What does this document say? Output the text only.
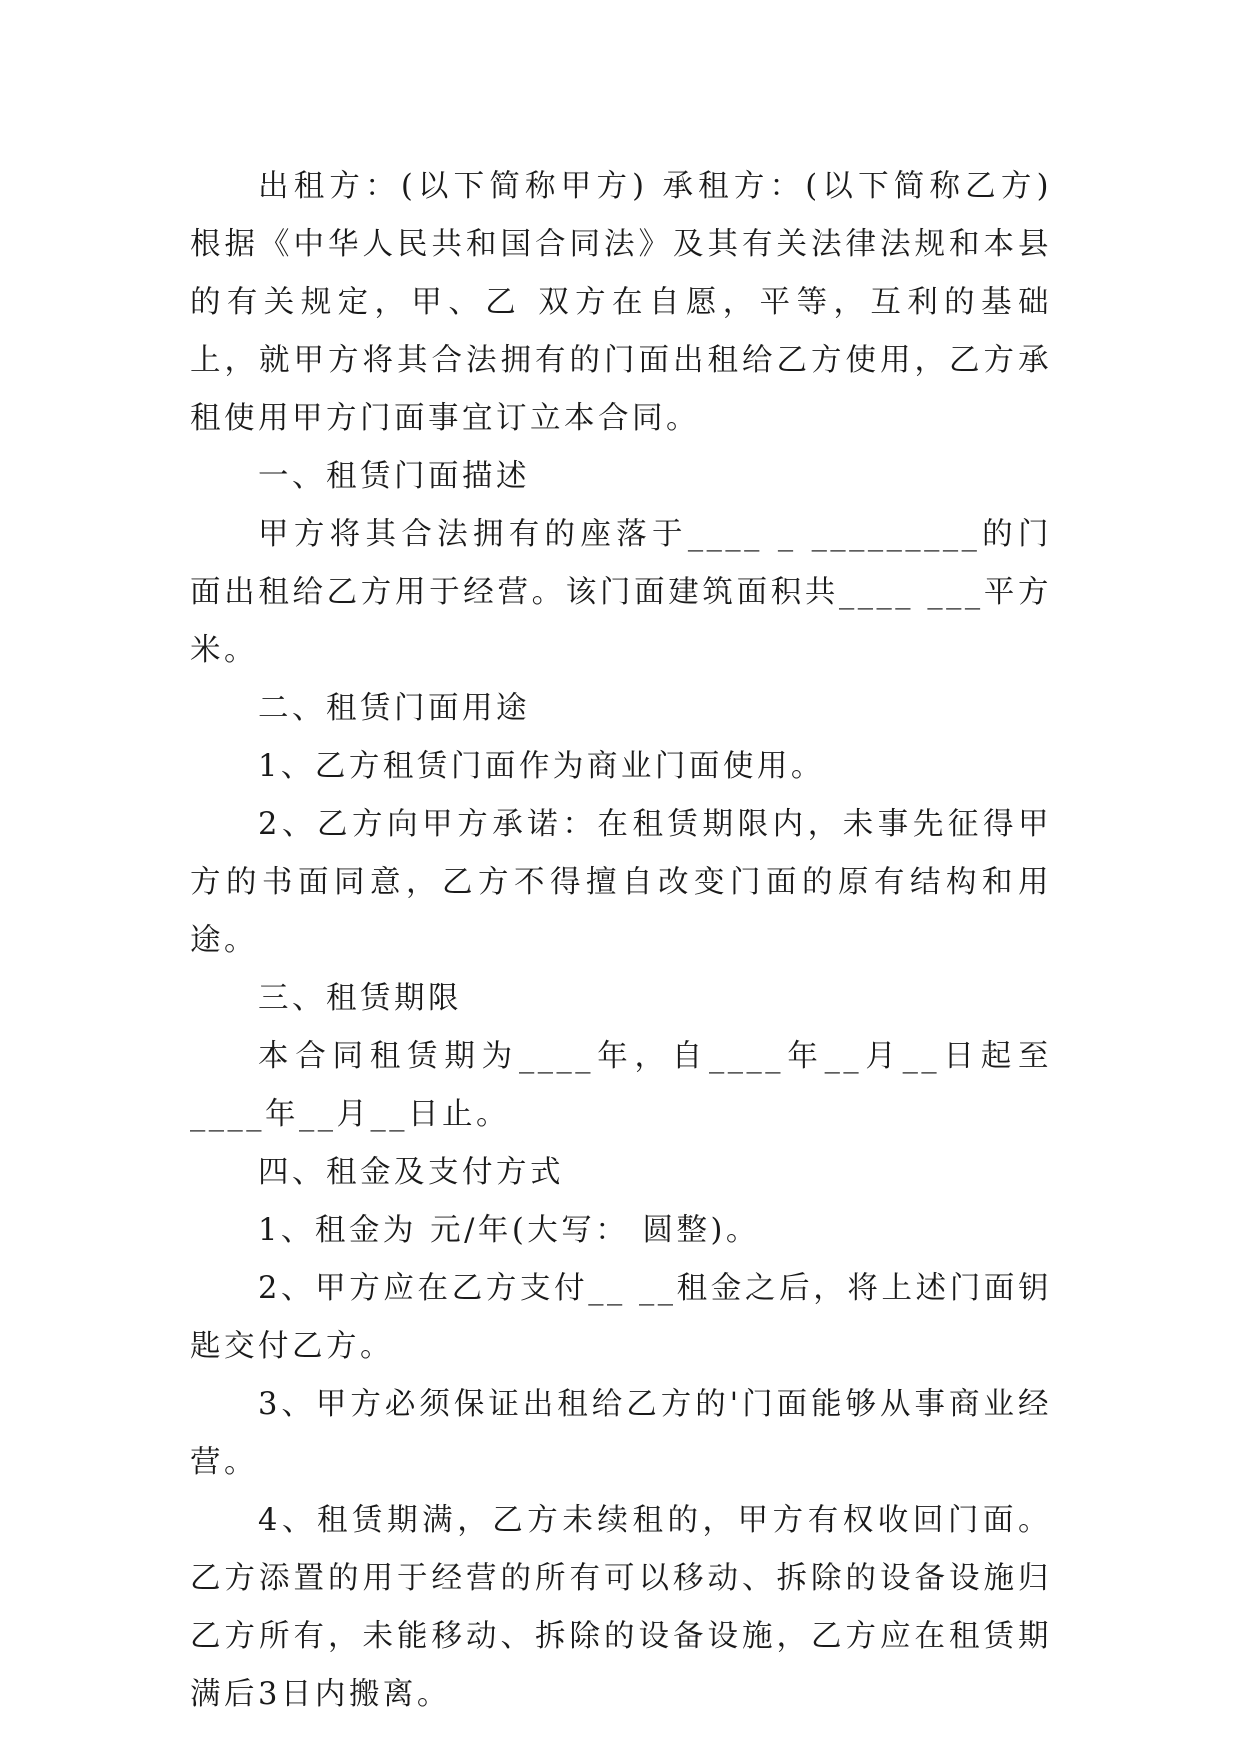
出租方：(以下简称甲方) 承租方：(以下简称乙方) 根据《中华人民共和国合同法》及其有关法律法规和本县的有关规定，甲、乙 双方在自愿，平等，互利的基础上，就甲方将其合法拥有的门面出租给乙方使用，乙方承租使用甲方门面事宜订立本合同。

一、租赁门面描述

甲方将其合法拥有的座落于____ _ _________的门面出租给乙方用于经营。该门面建筑面积共____ ___平方米。

二、租赁门面用途

1、乙方租赁门面作为商业门面使用。

2、乙方向甲方承诺：在租赁期限内，未事先征得甲方的书面同意，乙方不得擅自改变门面的原有结构和用途。

三、租赁期限

本合同租赁期为____年，自____年__月__日起至____年__月__日止。

四、租金及支付方式

1、租金为 元/年(大写： 圆整)。

2、甲方应在乙方支付__ __租金之后，将上述门面钥匙交付乙方。

3、甲方必须保证出租给乙方的'门面能够从事商业经营。

4、租赁期满，乙方未续租的，甲方有权收回门面。乙方添置的用于经营的所有可以移动、拆除的设备设施归乙方所有，未能移动、拆除的设备设施，乙方应在租赁期满后3日内搬离。
